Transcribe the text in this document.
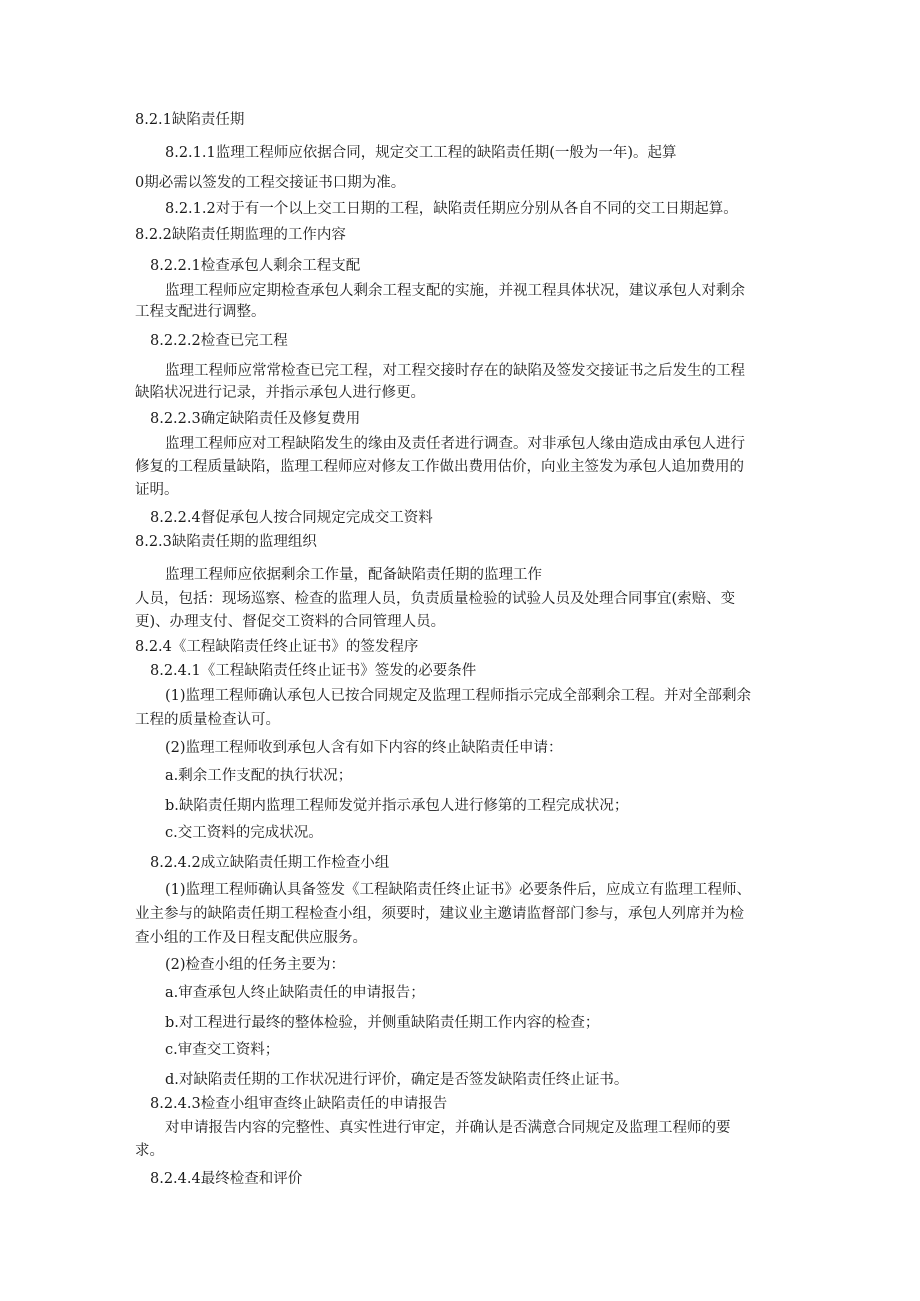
8.2.1缺陷责任期
8.2.1.1监理工程师应依据合同，规定交工工程的缺陷责任期(一般为一年)。起算
0期必需以签发的工程交接证书口期为准。
8.2.1.2对于有一个以上交工日期的工程，缺陷责任期应分别从各自不同的交工日期起算。
8.2.2缺陷责任期监理的工作内容
8.2.2.1检查承包人剩余工程支配
监理工程师应定期检查承包人剩余工程支配的实施，并视工程具体状况，建议承包人对剩余
工程支配进行调整。
8.2.2.2检查已完工程
监理工程师应常常检查已完工程，对工程交接时存在的缺陷及签发交接证书之后发生的工程
缺陷状况进行记录，并指示承包人进行修更。
8.2.2.3确定缺陷责任及修复费用
监理工程师应对工程缺陷发生的缘由及责任者进行调查。对非承包人缘由造成由承包人进行
修复的工程质量缺陷，监理工程师应对修友工作做出费用估价，向业主签发为承包人追加费用的
证明。
8.2.2.4督促承包人按合同规定完成交工资料
8.2.3缺陷责任期的监理组织
监理工程师应依据剩余工作量，配备缺陷责任期的监理工作
人员，包括：现场巡察、检查的监理人员，负责质量检验的试验人员及处理合同事宜(索赔、变
更)、办理支付、督促交工资料的合同管理人员。
8.2.4《工程缺陷责任终止证书》的签发程序
8.2.4.1《工程缺陷责任终止证书》签发的必要条件
(1)监理工程师确认承包人已按合同规定及监理工程师指示完成全部剩余工程。并对全部剩余
工程的质量检查认可。
(2)监理工程师收到承包人含有如下内容的终止缺陷责任申请：
a.剩余工作支配的执行状况；
b.缺陷责任期内监理工程师发觉并指示承包人进行修第的工程完成状况；
c.交工资料的完成状况。
8.2.4.2成立缺陷责任期工作检查小组
(1)监理工程师确认具备签发《工程缺陷责任终止证书》必要条件后，应成立有监理工程师、
业主参与的缺陷责任期工程检查小组，须要时，建议业主邀请监督部门参与，承包人列席并为检
查小组的工作及日程支配供应服务。
(2)检查小组的任务主要为：
a.审查承包人终止缺陷责任的申请报告；
b.对工程进行最终的整体检验，并侧重缺陷责任期工作内容的检查；
c.审查交工资料；
d.对缺陷责任期的工作状况进行评价，确定是否签发缺陷责任终止证书。
8.2.4.3检查小组审查终止缺陷责任的申请报告
对申请报告内容的完整性、真实性进行审定，并确认是否满意合同规定及监理工程师的要
求。
8.2.4.4最终检查和评价
